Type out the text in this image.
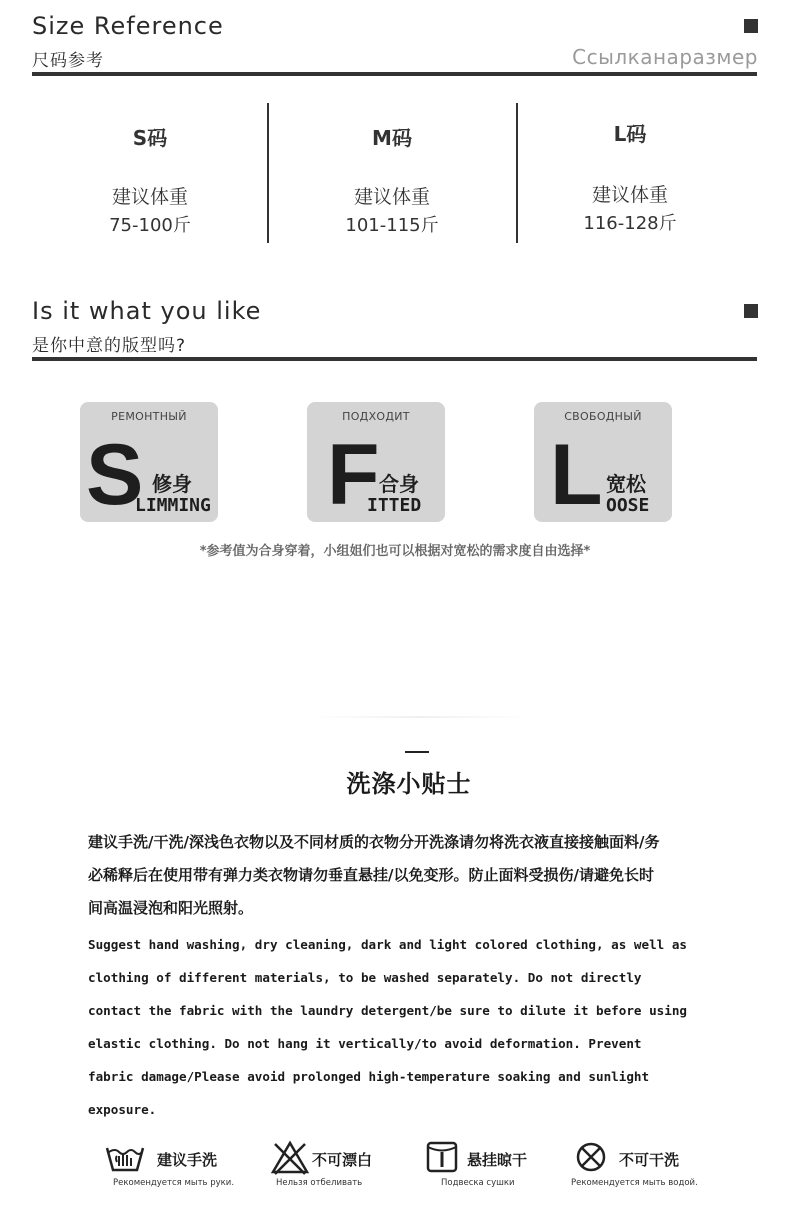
Size Reference
尺码参考	Ссылканаразмер
S码
建议体重
75-100斤
M码
建议体重
101-115斤
L码
建议体重
116-128斤
Is it what you like
是你中意的版型吗?
РЕМОНТНЫЙ
S 修身
LIMMING
ПОДХОДИТ
F 合身
ITTED
СВОБОДНЫЙ
L 宽松
OOSE
*参考值为合身穿着，小组姐们也可以根据对宽松的需求度自由选择*
洗涤小贴士
建议手洗/干洗/深浅色衣物以及不同材质的衣物分开洗涤请勿将洗衣液直接接触面料/务
必稀释后在使用带有弹力类衣物请勿垂直悬挂/以免变形。防止面料受损伤/请避免长时
间高温浸泡和阳光照射。
Suggest hand washing, dry cleaning, dark and light colored clothing, as well as
clothing of different materials, to be washed separately. Do not directly
contact the fabric with the laundry detergent/be sure to dilute it before using
elastic clothing. Do not hang it vertically/to avoid deformation. Prevent
fabric damage/Please avoid prolonged high-temperature soaking and sunlight
exposure.
建议手洗
Рекомендуется мыть руки.
不可漂白
Нельзя отбеливать
悬挂晾干
Подвеска сушки
不可干洗
Рекомендуется мыть водой.
